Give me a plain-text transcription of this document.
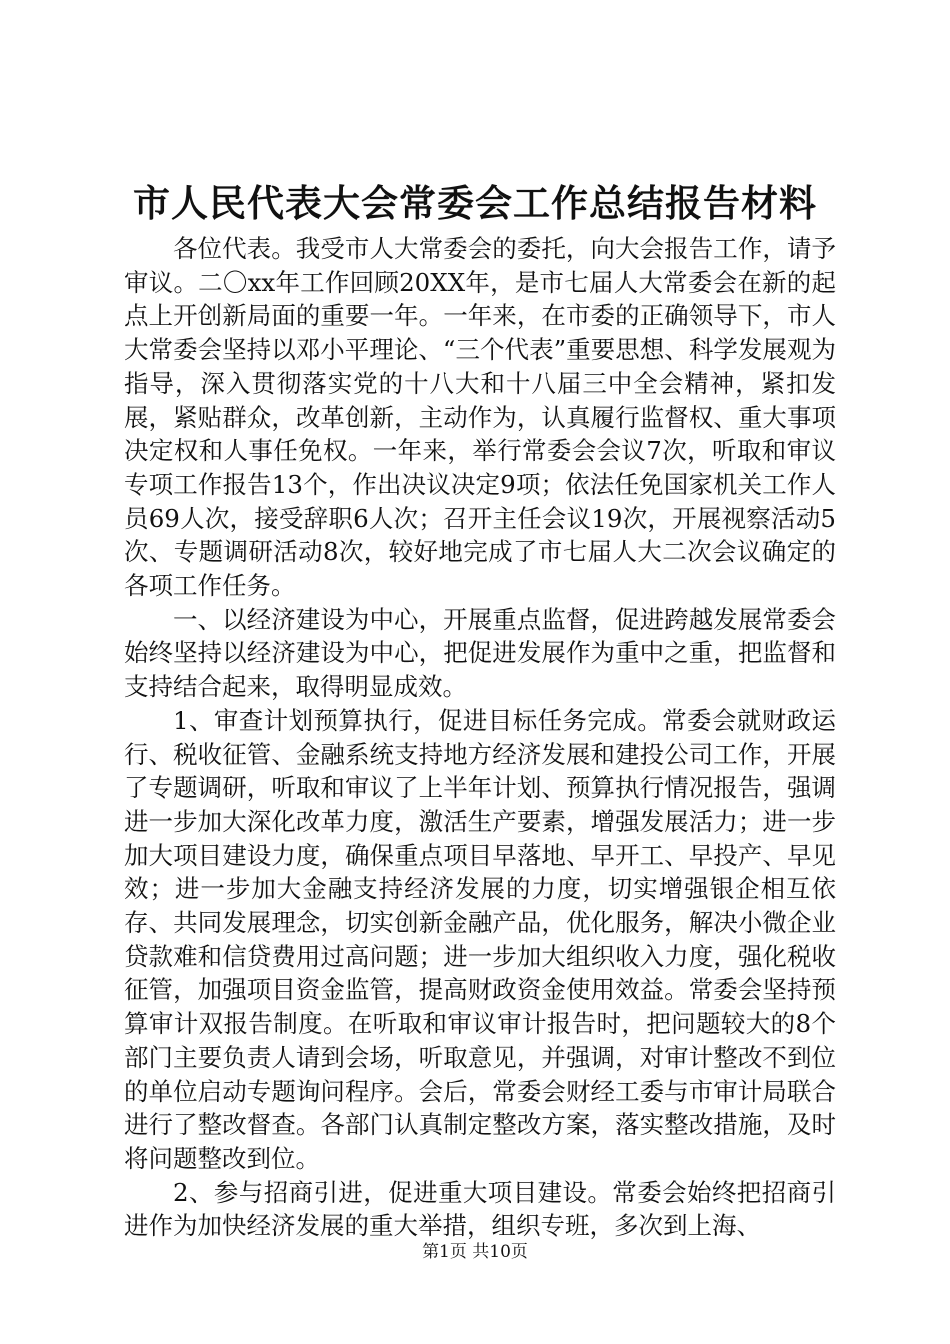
市人民代表大会常委会工作总结报告材料

各位代表。我受市人大常委会的委托，向大会报告工作，请予审议。二〇xx年工作回顾20XX年，是市七届人大常委会在新的起点上开创新局面的重要一年。一年来，在市委的正确领导下，市人大常委会坚持以邓小平理论、“三个代表”重要思想、科学发展观为指导，深入贯彻落实党的十八大和十八届三中全会精神，紧扣发展，紧贴群众，改革创新，主动作为，认真履行监督权、重大事项决定权和人事任免权。一年来，举行常委会会议7次，听取和审议专项工作报告13个，作出决议决定9项；依法任免国家机关工作人员69人次，接受辞职6人次；召开主任会议19次，开展视察活动5次、专题调研活动8次，较好地完成了市七届人大二次会议确定的各项工作任务。

一、以经济建设为中心，开展重点监督，促进跨越发展常委会始终坚持以经济建设为中心，把促进发展作为重中之重，把监督和支持结合起来，取得明显成效。

1、审查计划预算执行，促进目标任务完成。常委会就财政运行、税收征管、金融系统支持地方经济发展和建投公司工作，开展了专题调研，听取和审议了上半年计划、预算执行情况报告，强调进一步加大深化改革力度，激活生产要素，增强发展活力；进一步加大项目建设力度，确保重点项目早落地、早开工、早投产、早见效；进一步加大金融支持经济发展的力度，切实增强银企相互依存、共同发展理念，切实创新金融产品，优化服务，解决小微企业贷款难和信贷费用过高问题；进一步加大组织收入力度，强化税收征管，加强项目资金监管，提高财政资金使用效益。常委会坚持预算审计双报告制度。在听取和审议审计报告时，把问题较大的8个部门主要负责人请到会场，听取意见，并强调，对审计整改不到位的单位启动专题询问程序。会后，常委会财经工委与市审计局联合进行了整改督查。各部门认真制定整改方案，落实整改措施，及时将问题整改到位。

2、参与招商引进，促进重大项目建设。常委会始终把招商引进作为加快经济发展的重大举措，组织专班，多次到上海、

第1页 共10页
